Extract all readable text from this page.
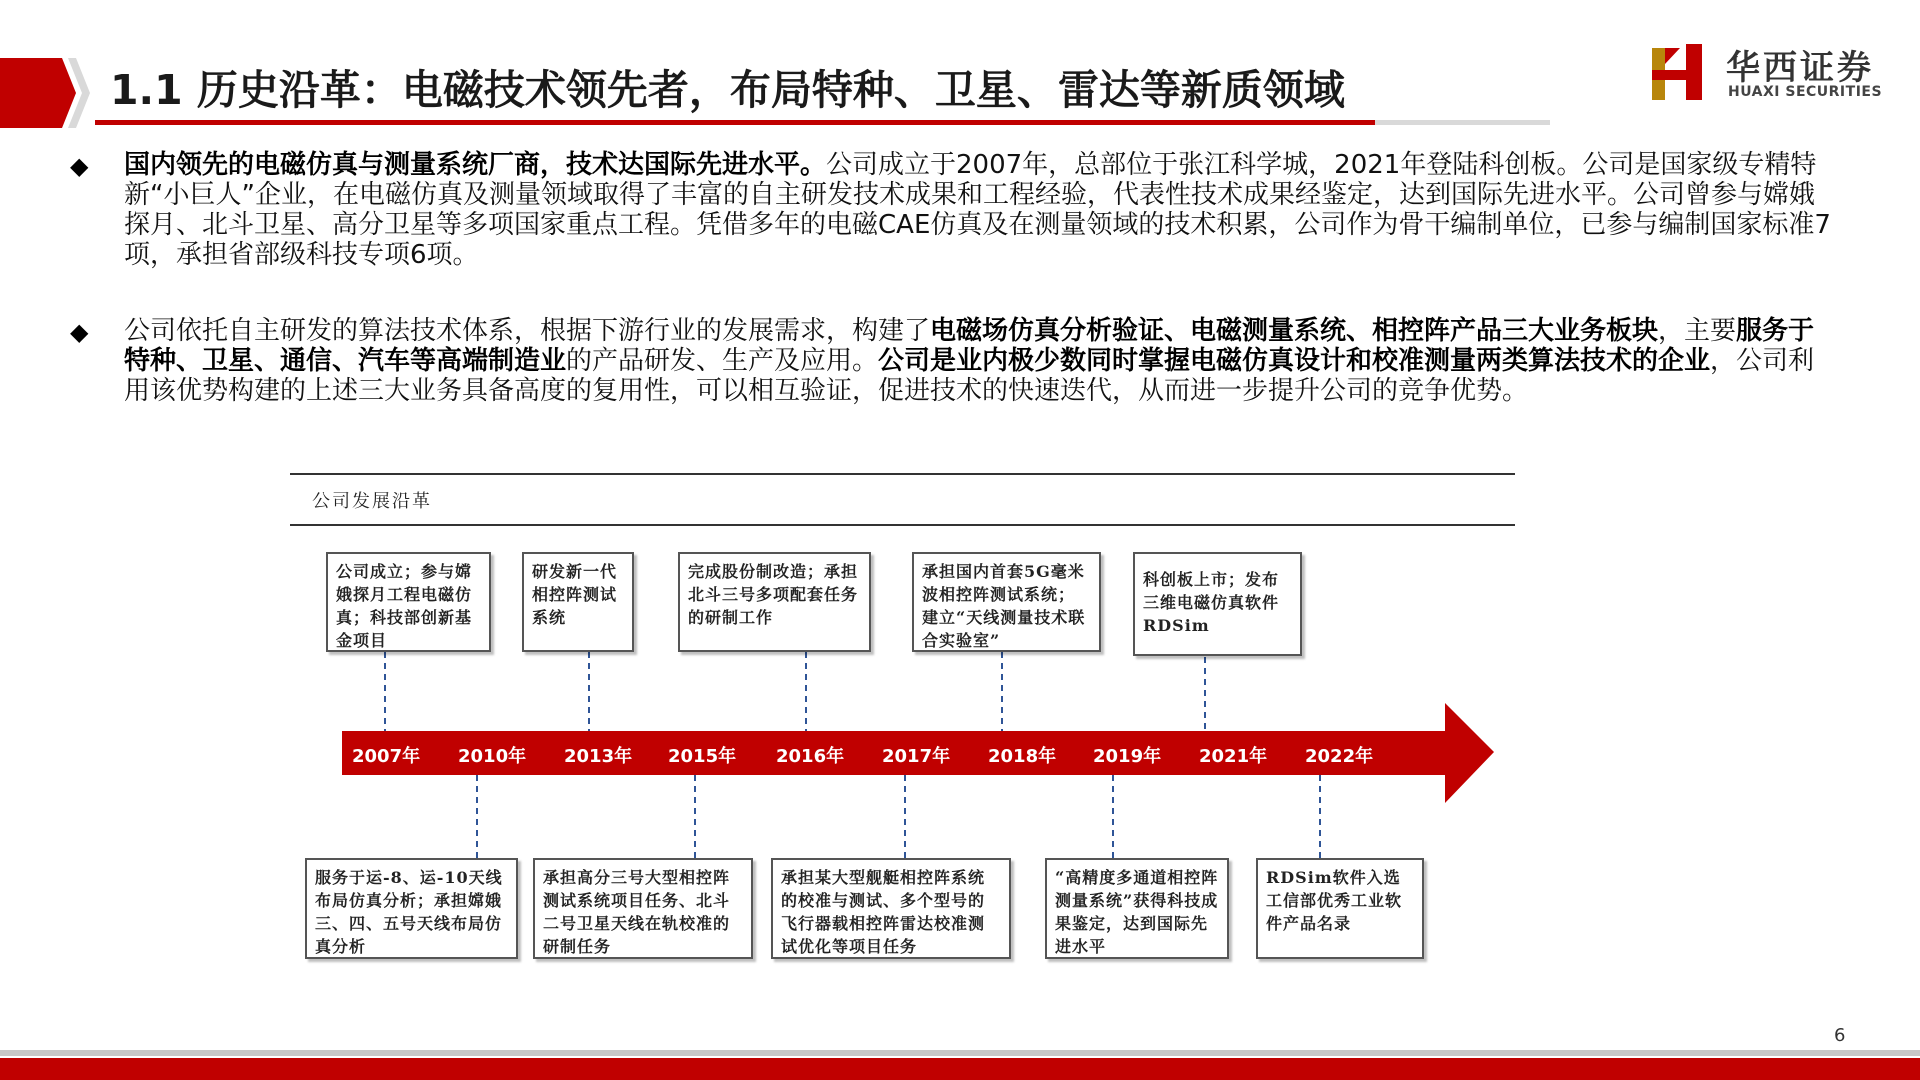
1.1 历史沿革：电磁技术领先者，布局特种、卫星、雷达等新质领域	华西证券
HUAXI SECURITIES
◆ 国内领先的电磁仿真与测量系统厂商，技术达国际先进水平。公司成立于2007年，总部位于张江科学城，2021年登陆科创板。公司是国家级专精特新“小巨人”企业，在电磁仿真及测量领域取得了丰富的自主研发技术成果和工程经验，代表性技术成果经鉴定，达到国际先进水平。公司曾参与嫦娥探月、北斗卫星、高分卫星等多项国家重点工程。凭借多年的电磁CAE仿真及在测量领域的技术积累，公司作为骨干编制单位，已参与编制国家标准7项，承担省部级科技专项6项。
◆ 公司依托自主研发的算法技术体系，根据下游行业的发展需求，构建了电磁场仿真分析验证、电磁测量系统、相控阵产品三大业务板块，主要服务于特种、卫星、通信、汽车等高端制造业的产品研发、生产及应用。公司是业内极少数同时掌握电磁仿真设计和校准测量两类算法技术的企业，公司利用该优势构建的上述三大业务具备高度的复用性，可以相互验证，促进技术的快速迭代，从而进一步提升公司的竞争优势。
公司发展沿革
2007年 2010年 2013年 2015年 2016年 2017年 2018年 2019年 2021年 2022年
公司成立；参与嫦娥探月工程电磁仿真；科技部创新基金项目
研发新一代相控阵测试系统
完成股份制改造；承担北斗三号多项配套任务的研制工作
承担国内首套5G毫米波相控阵测试系统；建立“天线测量技术联合实验室”
科创板上市；发布三维电磁仿真软件RDSim
服务于运-8、运-10天线布局仿真分析；承担嫦娥三、四、五号天线布局仿真分析
承担高分三号大型相控阵测试系统项目任务、北斗二号卫星天线在轨校准的研制任务
承担某大型舰艇相控阵系统的校准与测试、多个型号的飞行器载相控阵雷达校准测试优化等项目任务
“高精度多通道相控阵测量系统”获得科技成果鉴定，达到国际先进水平
RDSim软件入选工信部优秀工业软件产品名录
6
